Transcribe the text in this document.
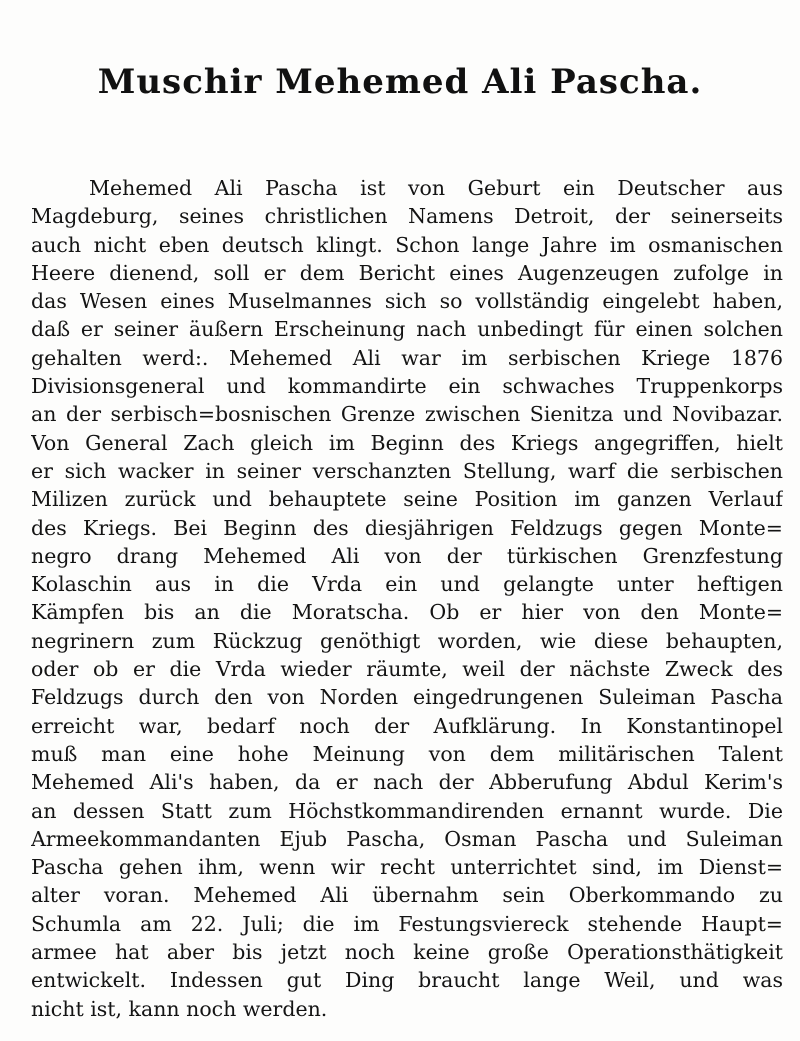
Muschir Mehemed Ali Pascha.
Mehemed Ali Pascha ist von Geburt ein Deutscher aus
Magdeburg, seines christlichen Namens Detroit, der seinerseits
auch nicht eben deutsch klingt. Schon lange Jahre im osmanischen
Heere dienend, soll er dem Bericht eines Augenzeugen zufolge in
das Wesen eines Muselmannes sich so vollständig eingelebt haben,
daß er seiner äußern Erscheinung nach unbedingt für einen solchen
gehalten werd:. Mehemed Ali war im serbischen Kriege 1876
Divisionsgeneral und kommandirte ein schwaches Truppenkorps
an der serbisch=bosnischen Grenze zwischen Sienitza und Novibazar.
Von General Zach gleich im Beginn des Kriegs angegriffen, hielt
er sich wacker in seiner verschanzten Stellung, warf die serbischen
Milizen zurück und behauptete seine Position im ganzen Verlauf
des Kriegs. Bei Beginn des diesjährigen Feldzugs gegen Monte=
negro drang Mehemed Ali von der türkischen Grenzfestung
Kolaschin aus in die Vrda ein und gelangte unter heftigen
Kämpfen bis an die Moratscha. Ob er hier von den Monte=
negrinern zum Rückzug genöthigt worden, wie diese behaupten,
oder ob er die Vrda wieder räumte, weil der nächste Zweck des
Feldzugs durch den von Norden eingedrungenen Suleiman Pascha
erreicht war, bedarf noch der Aufklärung. In Konstantinopel
muß man eine hohe Meinung von dem militärischen Talent
Mehemed Ali's haben, da er nach der Abberufung Abdul Kerim's
an dessen Statt zum Höchstkommandirenden ernannt wurde. Die
Armeekommandanten Ejub Pascha, Osman Pascha und Suleiman
Pascha gehen ihm, wenn wir recht unterrichtet sind, im Dienst=
alter voran. Mehemed Ali übernahm sein Oberkommando zu
Schumla am 22. Juli; die im Festungsviereck stehende Haupt=
armee hat aber bis jetzt noch keine große Operationsthätigkeit
entwickelt. Indessen gut Ding braucht lange Weil, und was
nicht ist, kann noch werden.
